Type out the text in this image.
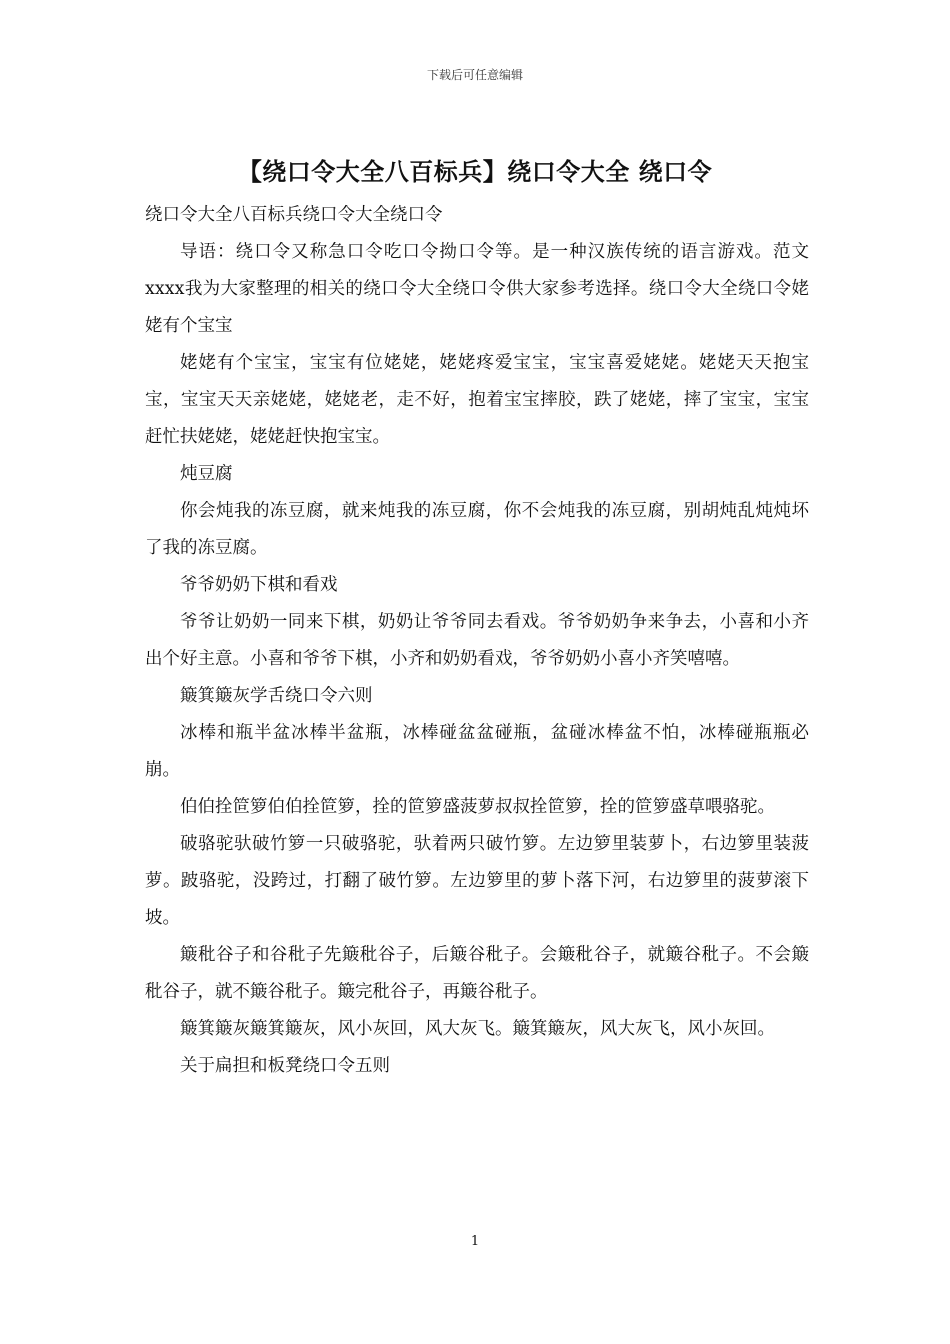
下载后可任意编辑
【绕口令大全八百标兵】绕口令大全 绕口令

绕口令大全八百标兵绕口令大全绕口令

导语：绕口令又称急口令吃口令拗口令等。是一种汉族传统的语言游戏。范文xxxx我为大家整理的相关的绕口令大全绕口令供大家参考选择。绕口令大全绕口令姥姥有个宝宝

姥姥有个宝宝，宝宝有位姥姥，姥姥疼爱宝宝，宝宝喜爱姥姥。姥姥天天抱宝宝，宝宝天天亲姥姥，姥姥老，走不好，抱着宝宝摔胶，跌了姥姥，摔了宝宝，宝宝赶忙扶姥姥，姥姥赶快抱宝宝。

炖豆腐

你会炖我的冻豆腐，就来炖我的冻豆腐，你不会炖我的冻豆腐，别胡炖乱炖炖坏了我的冻豆腐。

爷爷奶奶下棋和看戏

爷爷让奶奶一同来下棋，奶奶让爷爷同去看戏。爷爷奶奶争来争去，小喜和小齐出个好主意。小喜和爷爷下棋，小齐和奶奶看戏，爷爷奶奶小喜小齐笑嘻嘻。

簸箕簸灰学舌绕口令六则

冰棒和瓶半盆冰棒半盆瓶，冰棒碰盆盆碰瓶，盆碰冰棒盆不怕，冰棒碰瓶瓶必崩。

伯伯拴笸箩伯伯拴笸箩，拴的笸箩盛菠萝叔叔拴笸箩，拴的笸箩盛草喂骆驼。

破骆驼驮破竹箩一只破骆驼，驮着两只破竹箩。左边箩里装萝卜，右边箩里装菠萝。跛骆驼，没跨过，打翻了破竹箩。左边箩里的萝卜落下河，右边箩里的菠萝滚下坡。

簸秕谷子和谷秕子先簸秕谷子，后簸谷秕子。会簸秕谷子，就簸谷秕子。不会簸秕谷子，就不簸谷秕子。簸完秕谷子，再簸谷秕子。

簸箕簸灰簸箕簸灰，风小灰回，风大灰飞。簸箕簸灰，风大灰飞，风小灰回。

关于扁担和板凳绕口令五则

1
